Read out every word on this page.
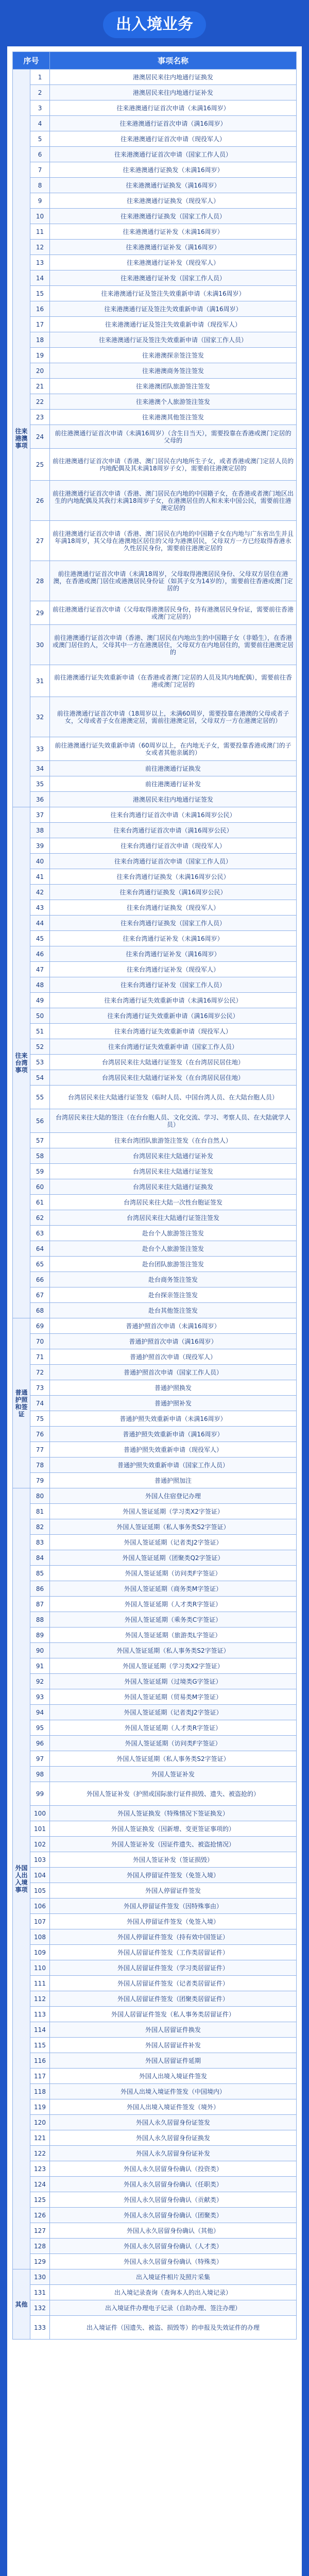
出入境业务
序号		事项名称
往来港澳事项	1	港澳居民来往内地通行证换发
	2	港澳居民来往内地通行证补发
	3	往来港澳通行证首次申请（未满16周岁）
	4	往来港澳通行证首次申请（满16周岁）
	5	往来港澳通行证首次申请（现役军人）
	6	往来港澳通行证首次申请（国家工作人员）
	7	往来港澳通行证换发（未满16周岁）
	8	往来港澳通行证换发（满16周岁）
	9	往来港澳通行证换发（现役军人）
	10	往来港澳通行证换发（国家工作人员）
	11	往来港澳通行证补发（未满16周岁）
	12	往来港澳通行证补发（满16周岁）
	13	往来港澳通行证补发（现役军人）
	14	往来港澳通行证补发（国家工作人员）
	15	往来港澳通行证及签注失效重新申请（未满16周岁）
	16	往来港澳通行证及签注失效重新申请（满16周岁）
	17	往来港澳通行证及签注失效重新申请（现役军人）
	18	往来港澳通行证及签注失效重新申请（国家工作人员）
	19	往来港澳探亲签注签发
	20	往来港澳商务签注签发
	21	往来港澳团队旅游签注签发
	22	往来港澳个人旅游签注签发
	23	往来港澳其他签注签发
	24	前往港澳通行证首次申请（未满16周岁）（含生日当天），需要投靠在香港或澳门定居的父母的
	25	前往港澳通行证首次申请（香港、澳门居民在内地所生子女，或者香港或澳门定居人员的内地配偶及其未满18周岁子女），需要前往港澳定居的
	26	前往港澳通行证首次申请（香港、澳门居民在内地的中国籍子女，在香港或者澳门地区出生的内地配偶及其我行未满18周岁子女，在港澳居住的人和未来中国公民，需要前往港澳定居的
	27	前往港澳通行证首次申请（香港、澳门居民在内地的中国籍子女在内地与广东省出生并且年满18周岁，其父母在港澳地区居住的父母为港澳居民，父母双方一方已经取得香港永久性居民身份，需要前往港澳定居的
	28	前往港澳通行证首次申请（未满18周岁，父母取得港澳居民身份、父母双方居住在港澳，在香港或澳门居住或港澳居民身份证（如其子女为14岁的），需要前往香港或澳门定居的
	29	前往港澳通行证首次申请（父母取得港澳居民身份，持有港澳居民身份证，需要前往香港或澳门定居的）
	30	前往港澳通行证首次申请（香港、澳门居民在内地出生的中国籍子女（非婚生），在香港或澳门居住的人，父母其中一方在港澳居住，父母双方在内地居住的，需要前往港澳定居的
	31	前往港澳通行证失效重新申请（在香港或者澳门定居的人员及其内地配偶），需要前往香港或澳门定居的
	32	前往港澳通行证首次申请（18周岁以上，未满60周岁，需要投靠在港澳的父母或者子女，父母或者子女在港澳定居，需前往港澳定居，父母双方一方在港澳定居的）
	33	前往港澳通行证失效重新申请（60周岁以上，在内地无子女，需要投靠香港或澳门的子女或者其他亲属的）
	34	前往港澳通行证换发
	35	前往港澳通行证补发
	36	港澳居民来往内地通行证签发
往来台湾事项	37	往来台湾通行证首次申请（未满16周岁公民）
	38	往来台湾通行证首次申请（满16周岁公民）
	39	往来台湾通行证首次申请（现役军人）
	40	往来台湾通行证首次申请（国家工作人员）
	41	往来台湾通行证换发（未满16周岁公民）
	42	往来台湾通行证换发（满16周岁公民）
	43	往来台湾通行证换发（现役军人）
	44	往来台湾通行证换发（国家工作人员）
	45	往来台湾通行证补发（未满16周岁）
	46	往来台湾通行证补发（满16周岁）
	47	往来台湾通行证补发（现役军人）
	48	往来台湾通行证补发（国家工作人员）
	49	往来台湾通行证失效重新申请（未满16周岁公民）
	50	往来台湾通行证失效重新申请（满16周岁公民）
	51	往来台湾通行证失效重新申请（现役军人）
	52	往来台湾通行证失效重新申请（国家工作人员）
	53	台湾居民来往大陆通行证签发（在台湾居民居住地）
	54	台湾居民来往大陆通行证补发（在台湾居民居住地）
	55	台湾居民来往大陆通行证签发（临时人员、中国台湾人员、在大陆台胞人员）
	56	台湾居民来往大陆的签注（在台台胞人员、文化交流、学习、考察人员、在大陆就学人员）
	57	往来台湾团队旅游签注签发（在台自然人）
	58	台湾居民来往大陆通行证补发
	59	台湾居民来往大陆通行证签发
	60	台湾居民来往大陆通行证换发
	61	台湾居民来往大陆一次性台胞证签发
	62	台湾居民来往大陆通行证签注签发
	63	赴台个人旅游签注签发
	64	赴台个人旅游签注签发
	65	赴台团队旅游签注签发
	66	赴台商务签注签发
	67	赴台探亲签注签发
	68	赴台其他签注签发
普通护照和签证	69	普通护照首次申请（未满16周岁）
	70	普通护照首次申请（满16周岁）
	71	普通护照首次申请（现役军人）
	72	普通护照首次申请（国家工作人员）
	73	普通护照换发
	74	普通护照补发
	75	普通护照失效重新申请（未满16周岁）
	76	普通护照失效重新申请（满16周岁）
	77	普通护照失效重新申请（现役军人）
	78	普通护照失效重新申请（国家工作人员）
	79	普通护照加注
外国人出入境事项	80	外国人住宿登记办理
	81	外国人签证延期（学习类X2字签证）
	82	外国人签证延期（私人事务类S2字签证）
	83	外国人签证延期（记者类J2字签证）
	84	外国人签证延期（团聚类Q2字签证）
	85	外国人签证延期（访问类F字签证）
	86	外国人签证延期（商务类M字签证）
	87	外国人签证延期（人才类R字签证）
	88	外国人签证延期（乘务类C字签证）
	89	外国人签证延期（旅游类L字签证）
	90	外国人签证延期（私人事务类S2字签证）
	91	外国人签证延期（学习类X2字签证）
	92	外国人签证延期（过境类G字签证）
	93	外国人签证延期（贸易类M字签证）
	94	外国人签证延期（记者类J2字签证）
	95	外国人签证延期（人才类R字签证）
	96	外国人签证延期（访问类F字签证）
	97	外国人签证延期（私人事务类S2字签证）
	98	外国人签证补发
	99	外国人签证补发（护照或国际旅行证件损毁、遗失、被盗抢的）
	100	外国人签证换发（特殊情况下签证换发）
	101	外国人签证换发（因新增、变更签证事项的）
	102	外国人签证补发（因证件遗失、被盗抢情况）
	103	外国人签证补发（签证损毁）
	104	外国人停留证件签发（免签入境）
	105	外国人停留证件签发
	106	外国人停留证件签发（因特殊事由）
	107	外国人停留证件签发（免签入境）
	108	外国人停留证件签发（持有效中国签证）
	109	外国人居留证件签发（工作类居留证件）
	110	外国人居留证件签发（学习类居留证件）
	111	外国人居留证件签发（记者类居留证件）
	112	外国人居留证件签发（团聚类居留证件）
	113	外国人居留证件签发（私人事务类居留证件）
	114	外国人居留证件换发
	115	外国人居留证件补发
	116	外国人居留证件延期
	117	外国人出境入境证件签发
	118	外国人出境入境证件签发（中国境内）
	119	外国人出境入境证件签发（境外）
	120	外国人永久居留身份证签发
	121	外国人永久居留身份证换发
	122	外国人永久居留身份证补发
	123	外国人永久居留身份确认（投资类）
	124	外国人永久居留身份确认（任职类）
	125	外国人永久居留身份确认（贡献类）
	126	外国人永久居留身份确认（团聚类）
	127	外国人永久居留身份确认（其他）
	128	外国人永久居留身份确认（人才类）
	129	外国人永久居留身份确认（特殊类）
其他	130	出入境证件相片及照片采集
	131	出入境记录查询（查询本人的出入境记录）
	132	出入境证件办理电子记录（自助办理、签注办理）
	133	出入境证件（因遗失、被盗、损毁等）的申报及失效证件的办理
